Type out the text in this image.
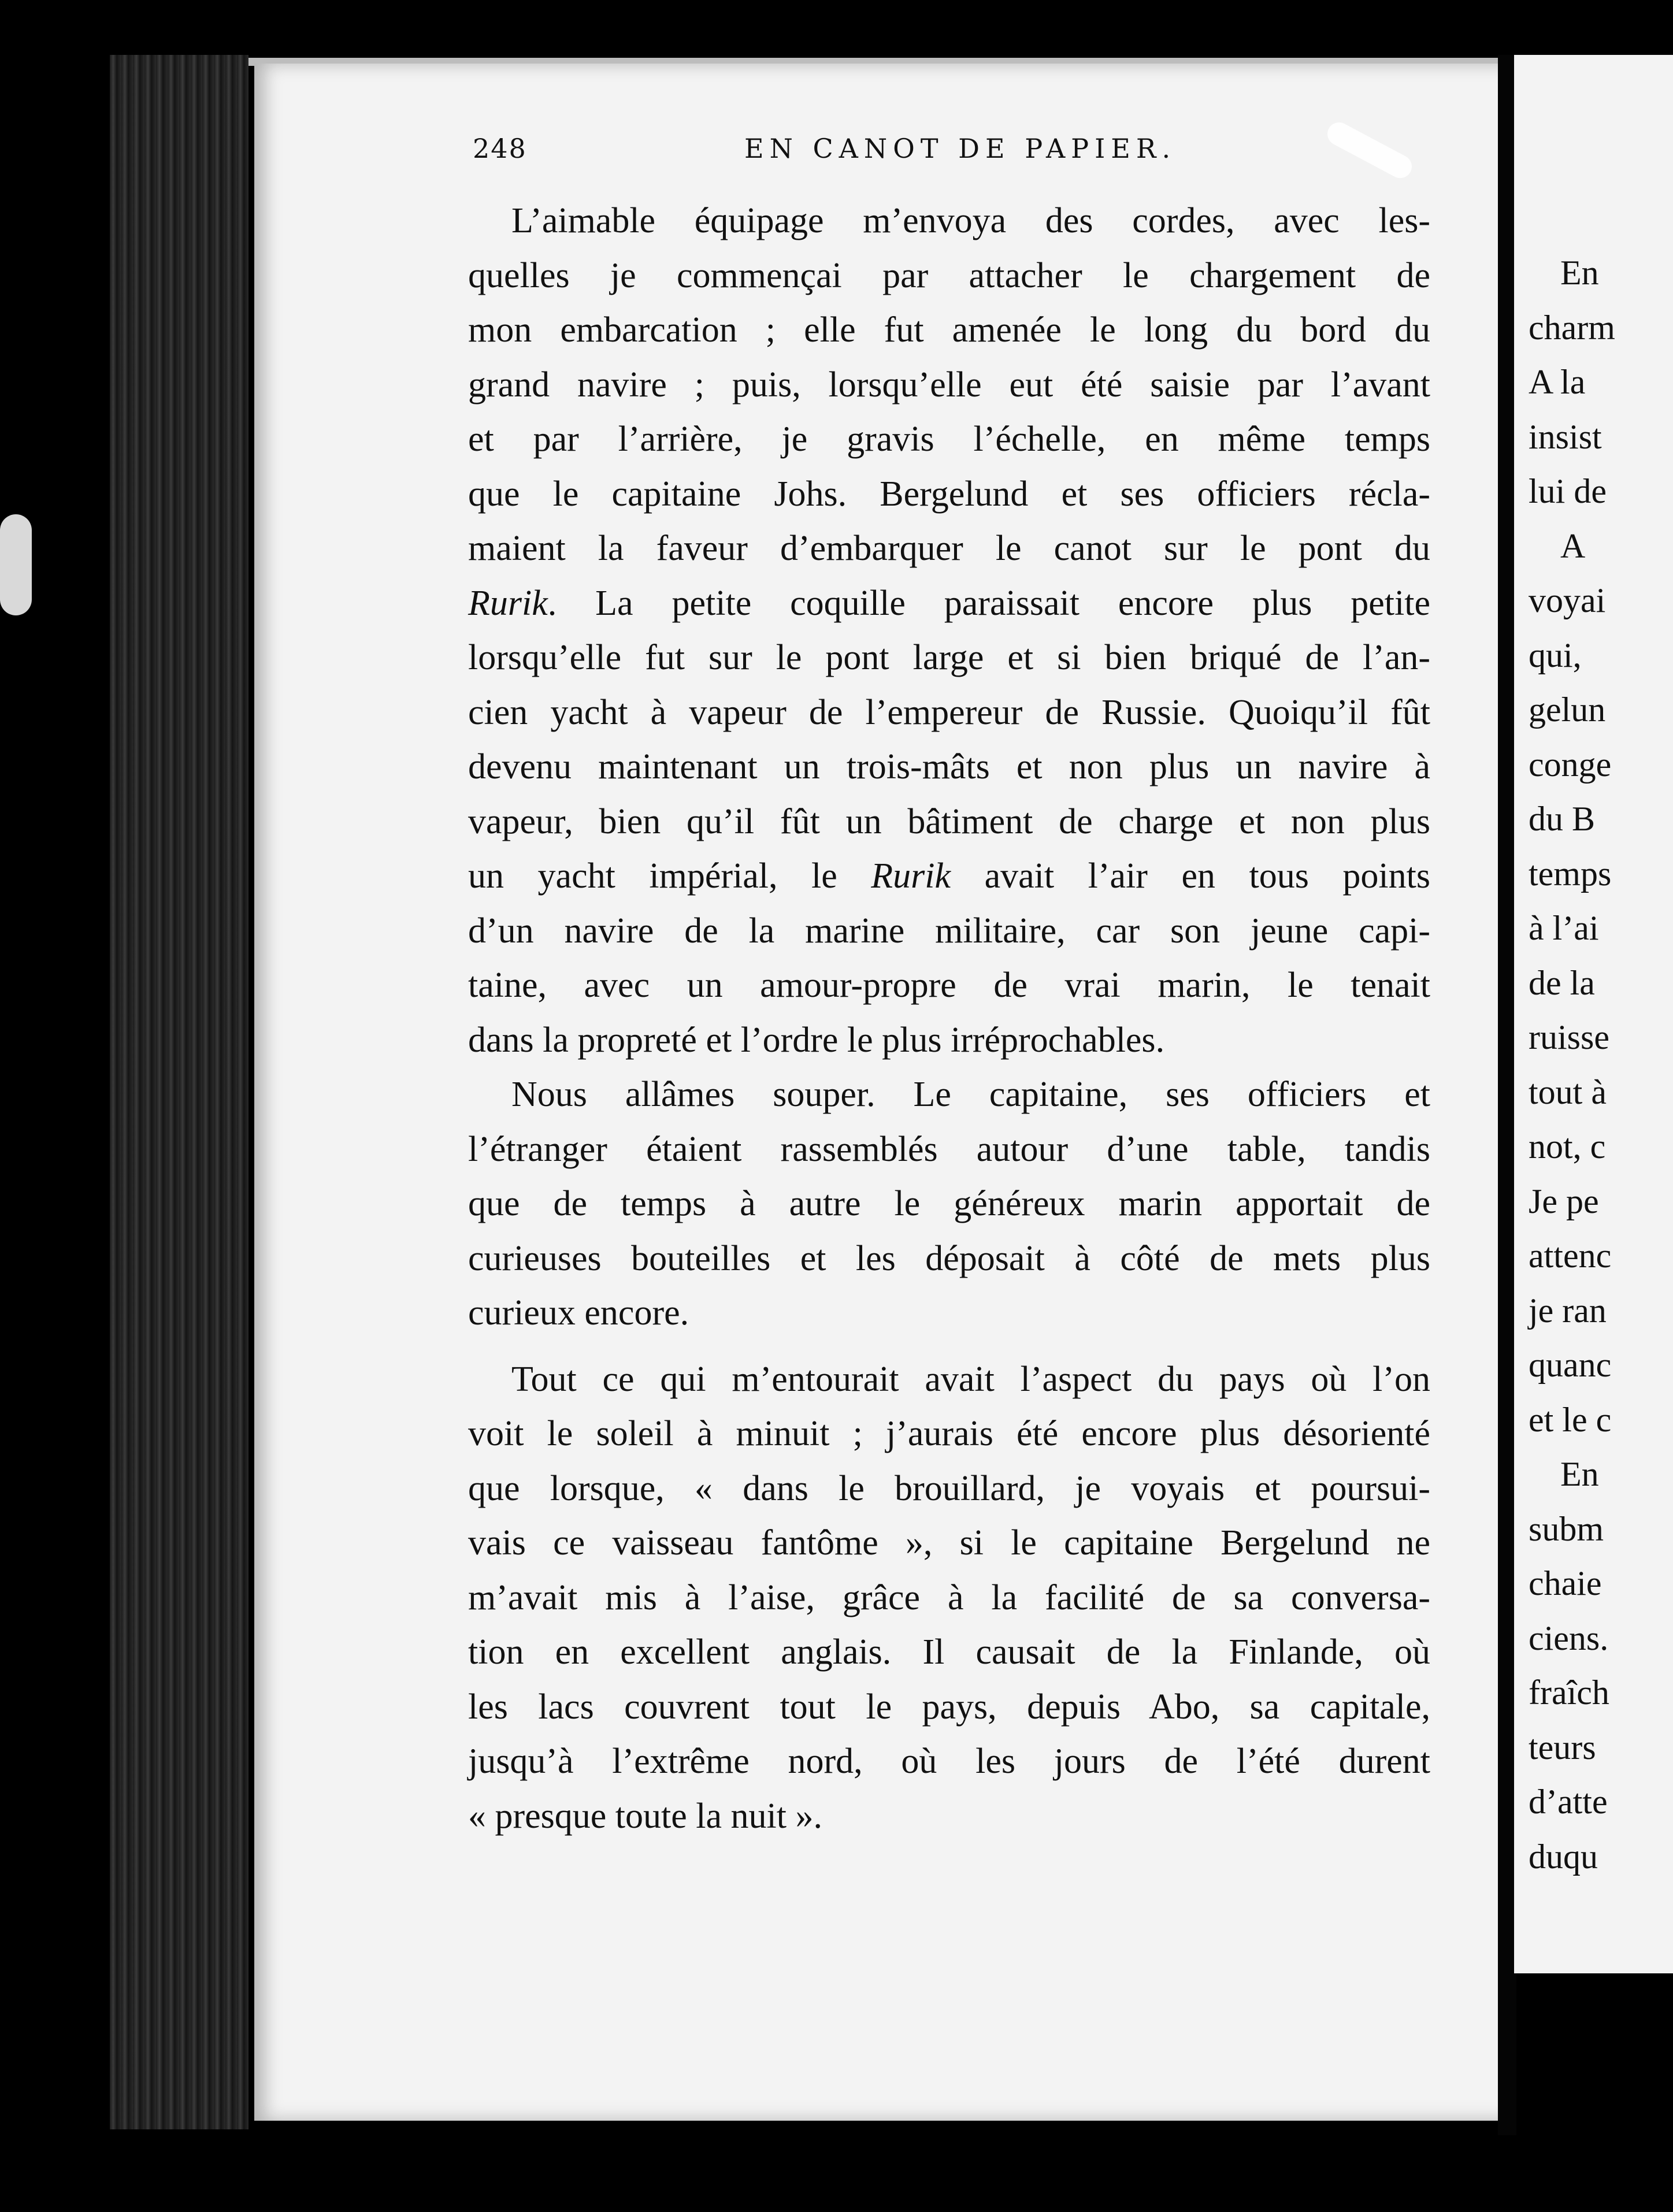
248	EN CANOT DE PAPIER.
L’aimable équipage m’envoya des cordes, avec les-
quelles je commençai par attacher le chargement de
mon embarcation ; elle fut amenée le long du bord du
grand navire ; puis, lorsqu’elle eut été saisie par l’avant
et par l’arrière, je gravis l’échelle, en même temps
que le capitaine Johs. Bergelund et ses officiers récla-
maient la faveur d’embarquer le canot sur le pont du
Rurik. La petite coquille paraissait encore plus petite
lorsqu’elle fut sur le pont large et si bien briqué de l’an-
cien yacht à vapeur de l’empereur de Russie. Quoiqu’il fût
devenu maintenant un trois-mâts et non plus un navire à
vapeur, bien qu’il fût un bâtiment de charge et non plus
un yacht impérial, le Rurik avait l’air en tous points
d’un navire de la marine militaire, car son jeune capi-
taine, avec un amour-propre de vrai marin, le tenait
dans la propreté et l’ordre le plus irréprochables.
Nous allâmes souper. Le capitaine, ses officiers et
l’étranger étaient rassemblés autour d’une table, tandis
que de temps à autre le généreux marin apportait de
curieuses bouteilles et les déposait à côté de mets plus
curieux encore.
Tout ce qui m’entourait avait l’aspect du pays où l’on
voit le soleil à minuit ; j’aurais été encore plus désorienté
que lorsque, « dans le brouillard, je voyais et poursui-
vais ce vaisseau fantôme », si le capitaine Bergelund ne
m’avait mis à l’aise, grâce à la facilité de sa conversa-
tion en excellent anglais. Il causait de la Finlande, où
les lacs couvrent tout le pays, depuis Abo, sa capitale,
jusqu’à l’extrême nord, où les jours de l’été durent
« presque toute la nuit ».
En
charm
A la
insist
lui de
A
voyai
qui,
gelun
conge
du B
temps
à l’ai
de la
ruisse
tout à
not, c
Je pe
attenc
je ran
quanc
et le c
En
subm
chaie
ciens.
fraîch
teurs
d’atte
duqu
